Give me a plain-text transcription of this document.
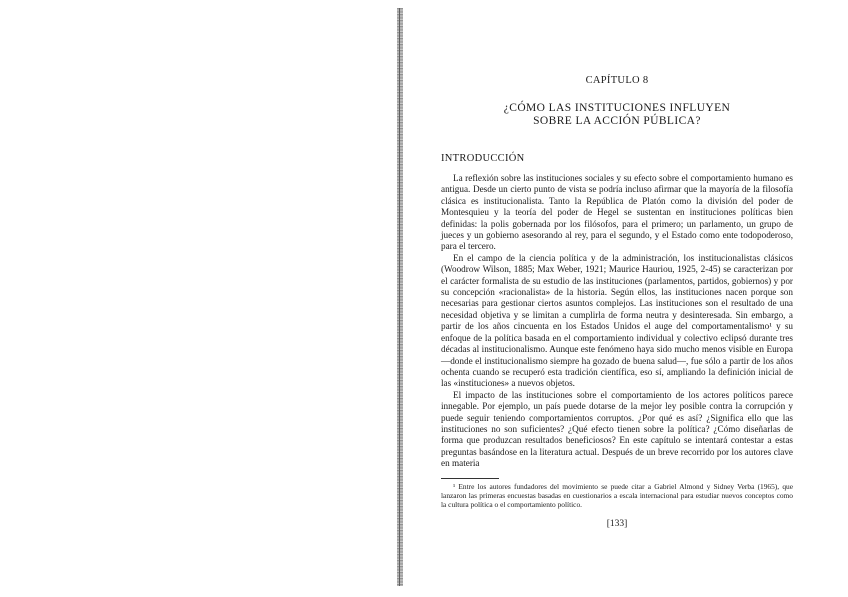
CAPÍTULO 8
¿CÓMO LAS INSTITUCIONES INFLUYEN
SOBRE LA ACCIÓN PÚBLICA?
INTRODUCCIÓN

La reflexión sobre las instituciones sociales y su efecto sobre el comportamiento humano es antigua. Desde un cierto punto de vista se podría incluso afirmar que la mayoría de la filosofía clásica es institucionalista. Tanto la República de Platón como la división del poder de Montesquieu y la teoría del poder de Hegel se sustentan en instituciones políticas bien definidas: la polis gobernada por los filósofos, para el primero; un parlamento, un grupo de jueces y un gobierno asesorando al rey, para el segundo, y el Estado como ente todopoderoso, para el tercero.

En el campo de la ciencia política y de la administración, los institucionalistas clásicos (Woodrow Wilson, 1885; Max Weber, 1921; Maurice Hauriou, 1925, 2-45) se caracterizan por el carácter formalista de su estudio de las instituciones (parlamentos, partidos, gobiernos) y por su concepción «racionalista» de la historia. Según ellos, las instituciones nacen porque son necesarias para gestionar ciertos asuntos complejos. Las instituciones son el resultado de una necesidad objetiva y se limitan a cumplirla de forma neutra y desinteresada. Sin embargo, a partir de los años cincuenta en los Estados Unidos el auge del comportamentalismo¹ y su enfoque de la política basada en el comportamiento individual y colectivo eclipsó durante tres décadas al institucionalismo. Aunque este fenómeno haya sido mucho menos visible en Europa —donde el institucionalismo siempre ha gozado de buena salud—, fue sólo a partir de los años ochenta cuando se recuperó esta tradición científica, eso sí, ampliando la definición inicial de las «instituciones» a nuevos objetos.

El impacto de las instituciones sobre el comportamiento de los actores políticos parece innegable. Por ejemplo, un país puede dotarse de la mejor ley posible contra la corrupción y puede seguir teniendo comportamientos corruptos. ¿Por qué es así? ¿Significa ello que las instituciones no son suficientes? ¿Qué efecto tienen sobre la política? ¿Cómo diseñarlas de forma que produzcan resultados beneficiosos? En este capítulo se intentará contestar a estas preguntas basándose en la literatura actual. Después de un breve recorrido por los autores clave en materia

¹ Entre los autores fundadores del movimiento se puede citar a Gabriel Almond y Sidney Verba (1965), que lanzaron las primeras encuestas basadas en cuestionarios a escala internacional para estudiar nuevos conceptos como la cultura política o el comportamiento político.

[133]
